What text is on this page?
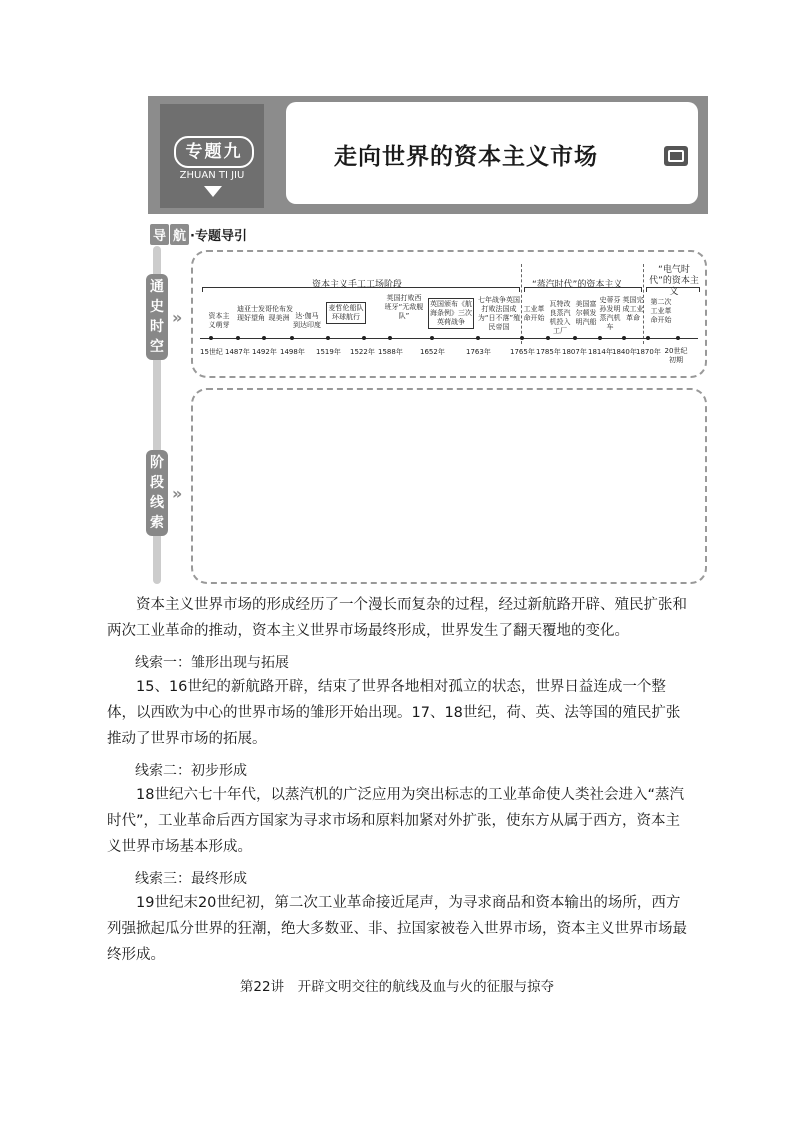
专题九
ZHUAN TI JIU
走向世界的资本主义市场
导 航 ·专题导引
通
史
时
空
»
阶
段
线
索
»
资本主义手工工场阶段	“蒸汽时代”的资本主义
“电气时代”的资本主义
资本主义萌芽
迪亚士发现好望角
哥伦布发现美洲 达·伽马到达印度
麦哲伦船队环球航行
英国打败西班牙“无敌舰队”
英国颁布《航海条例》三次英荷战争
七年战争英国打败法国成为“日不落”殖民帝国
工业革命开始
瓦特改良蒸汽机投入工厂
美国富尔顿发明汽船
史蒂芬孙发明蒸汽机车
英国完成工业革命
第二次工业革命开始
15世纪 1487年 1492年 1498年 1519年 1522年 1588年 1652年	1763年	1765年 1785年 1807年 1814年 1840年 1870年 20世纪初期
资本主义世界市场的形成经历了一个漫长而复杂的过程，经过新航路开辟、殖民扩张和两次工业革命的推动，资本主义世界市场最终形成，世界发生了翻天覆地的变化。
线索一：雏形出现与拓展
15、16世纪的新航路开辟，结束了世界各地相对孤立的状态，世界日益连成一个整体，以西欧为中心的世界市场的雏形开始出现。17、18世纪，荷、英、法等国的殖民扩张推动了世界市场的拓展。
线索二：初步形成
18世纪六七十年代，以蒸汽机的广泛应用为突出标志的工业革命使人类社会进入“蒸汽时代”，工业革命后西方国家为寻求市场和原料加紧对外扩张，使东方从属于西方，资本主义世界市场基本形成。
线索三：最终形成
19世纪末20世纪初，第二次工业革命接近尾声，为寻求商品和资本输出的场所，西方列强掀起瓜分世界的狂潮，绝大多数亚、非、拉国家被卷入世界市场，资本主义世界市场最终形成。
第22讲　开辟文明交往的航线及血与火的征服与掠夺
